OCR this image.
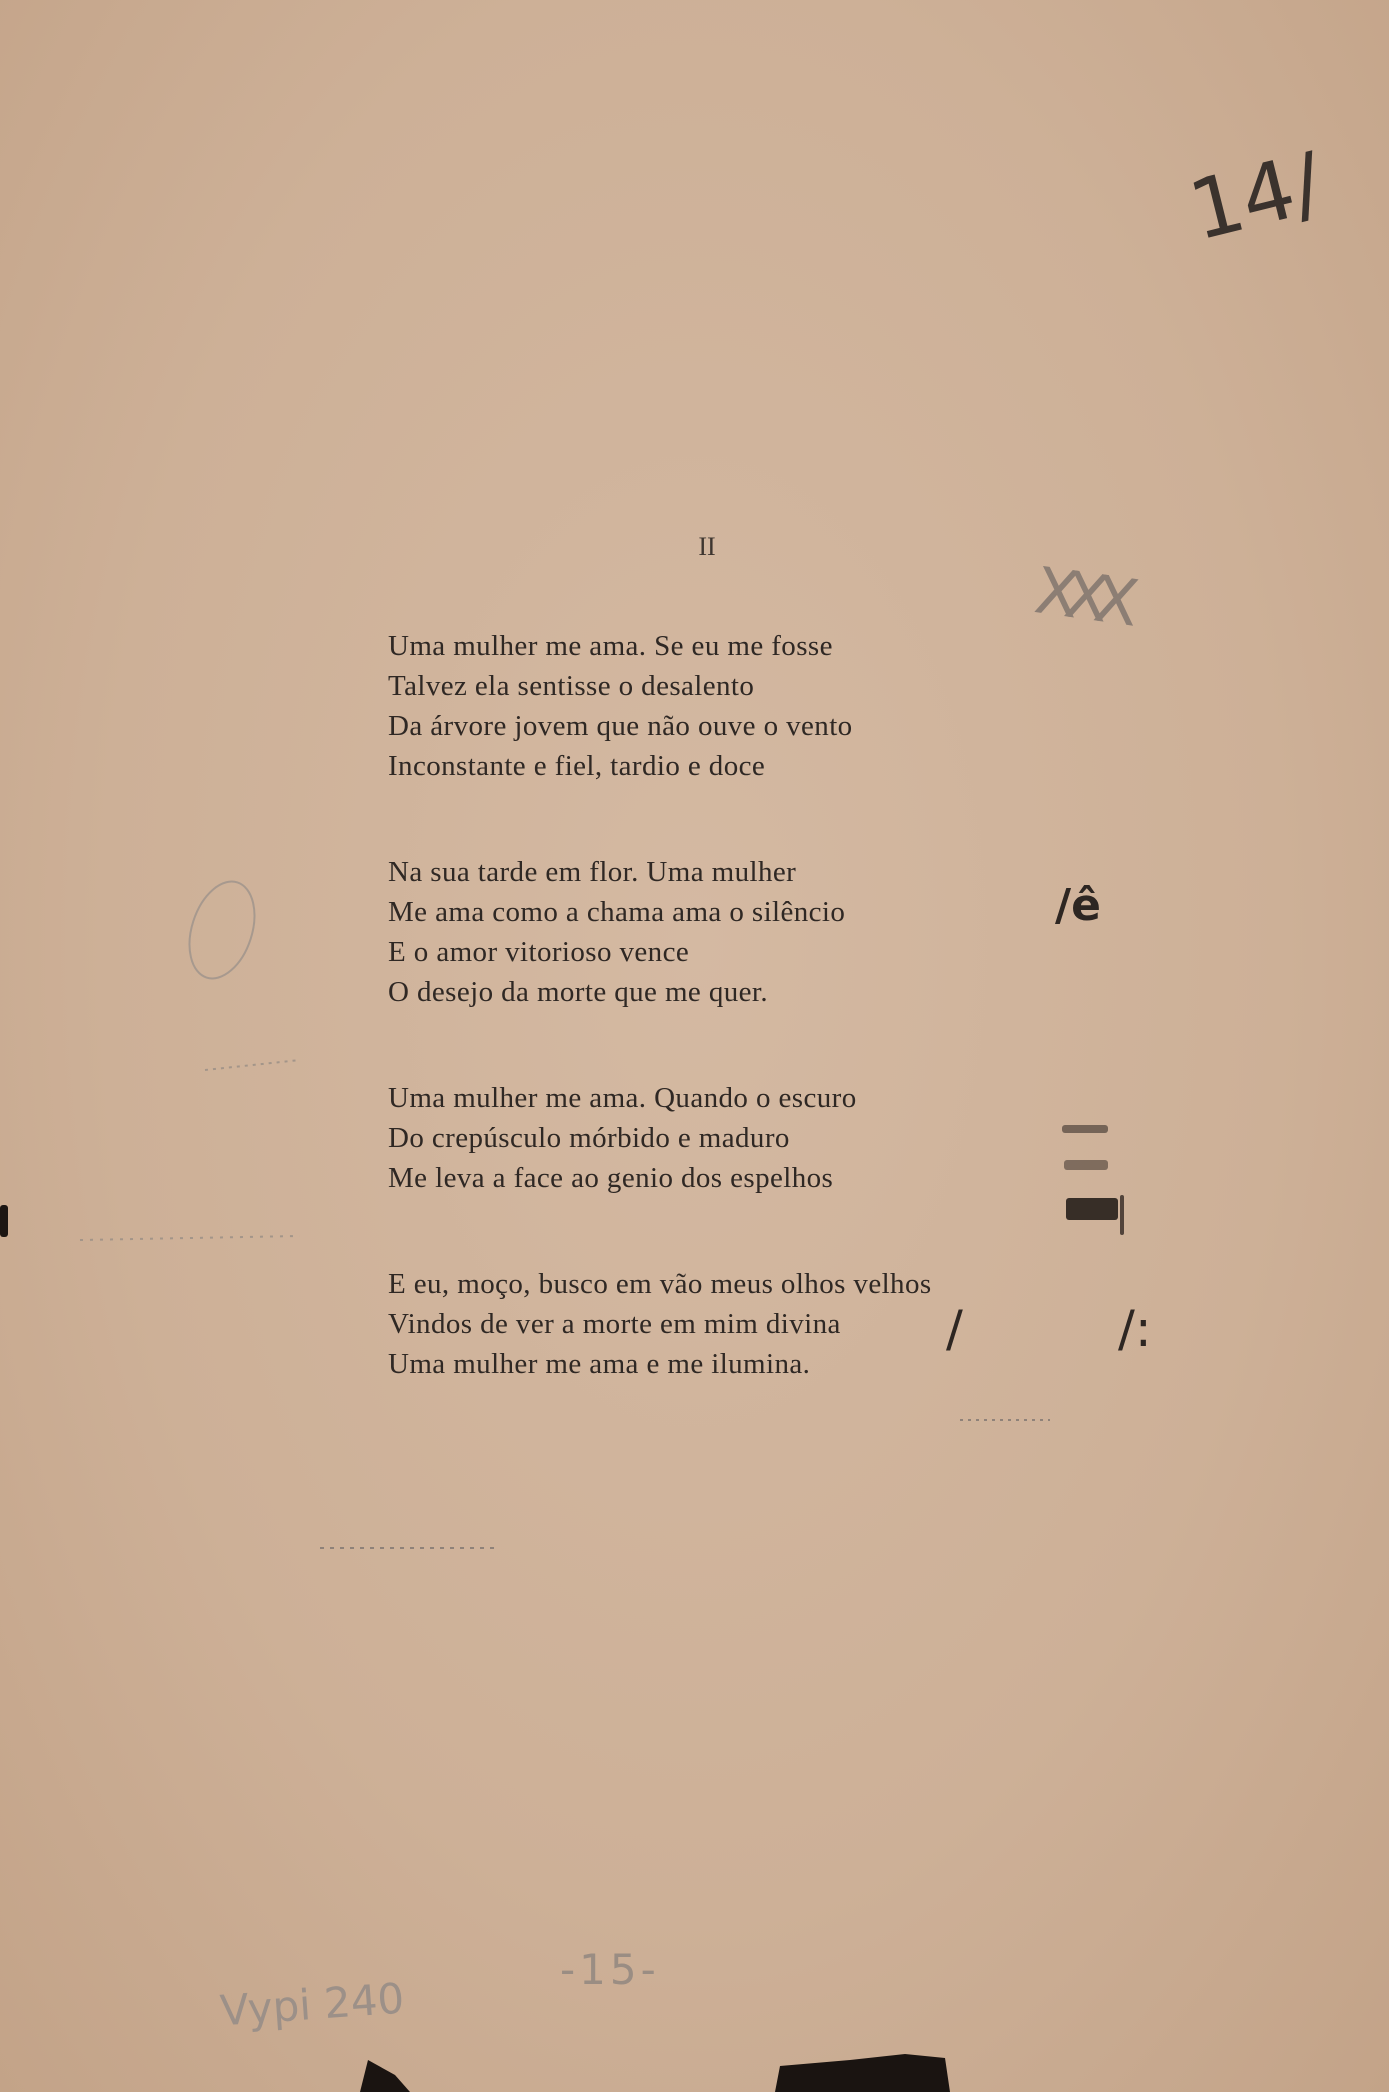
II
Uma mulher me ama. Se eu me fosse
Talvez ela sentisse o desalento
Da árvore jovem que não ouve o vento
Inconstante e fiel, tardio e doce
Na sua tarde em flor. Uma mulher
Me ama como a chama ama o silêncio
E o amor vitorioso vence
O desejo da morte que me quer.
Uma mulher me ama. Quando o escuro
Do crepúsculo mórbido e maduro
Me leva a face ao genio dos espelhos
E eu, moço, busco em vão meus olhos velhos
Vindos de ver a morte em mim divina
Uma mulher me ama e me ilumina.
14/
XXX
/ê
/	/:
-15-
Vypi 240
